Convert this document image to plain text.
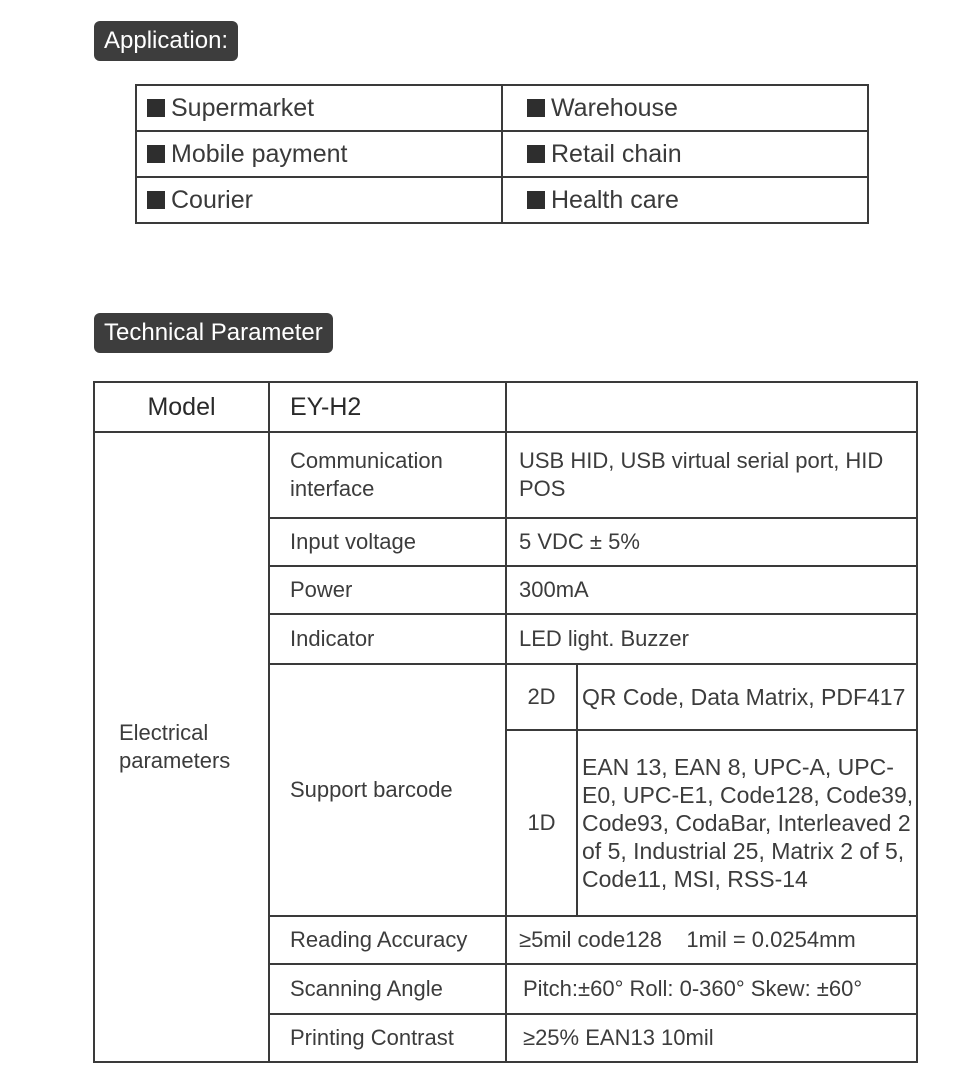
Application:
Supermarket	Warehouse
Mobile payment	Retail chain
Courier	Health care
Technical Parameter
Model	EY-H2		
Electrical parameters	Communication interface	USB HID, USB virtual serial port, HID POS	
	Input voltage	5 VDC ± 5%	
	Power	300mA	
	Indicator	LED light. Buzzer	
	Support barcode	2D	QR Code, Data Matrix, PDF417
		1D	EAN 13, EAN 8, UPC-A, UPC-E0, UPC-E1, Code128, Code39, Code93, CodaBar, Interleaved 2 of 5, Industrial 25, Matrix 2 of 5, Code11, MSI, RSS-14
	Reading Accuracy	≥5mil code128    1mil = 0.0254mm	
	Scanning Angle	Pitch:±60° Roll: 0-360° Skew: ±60°	
	Printing Contrast	≥25% EAN13 10mil	
